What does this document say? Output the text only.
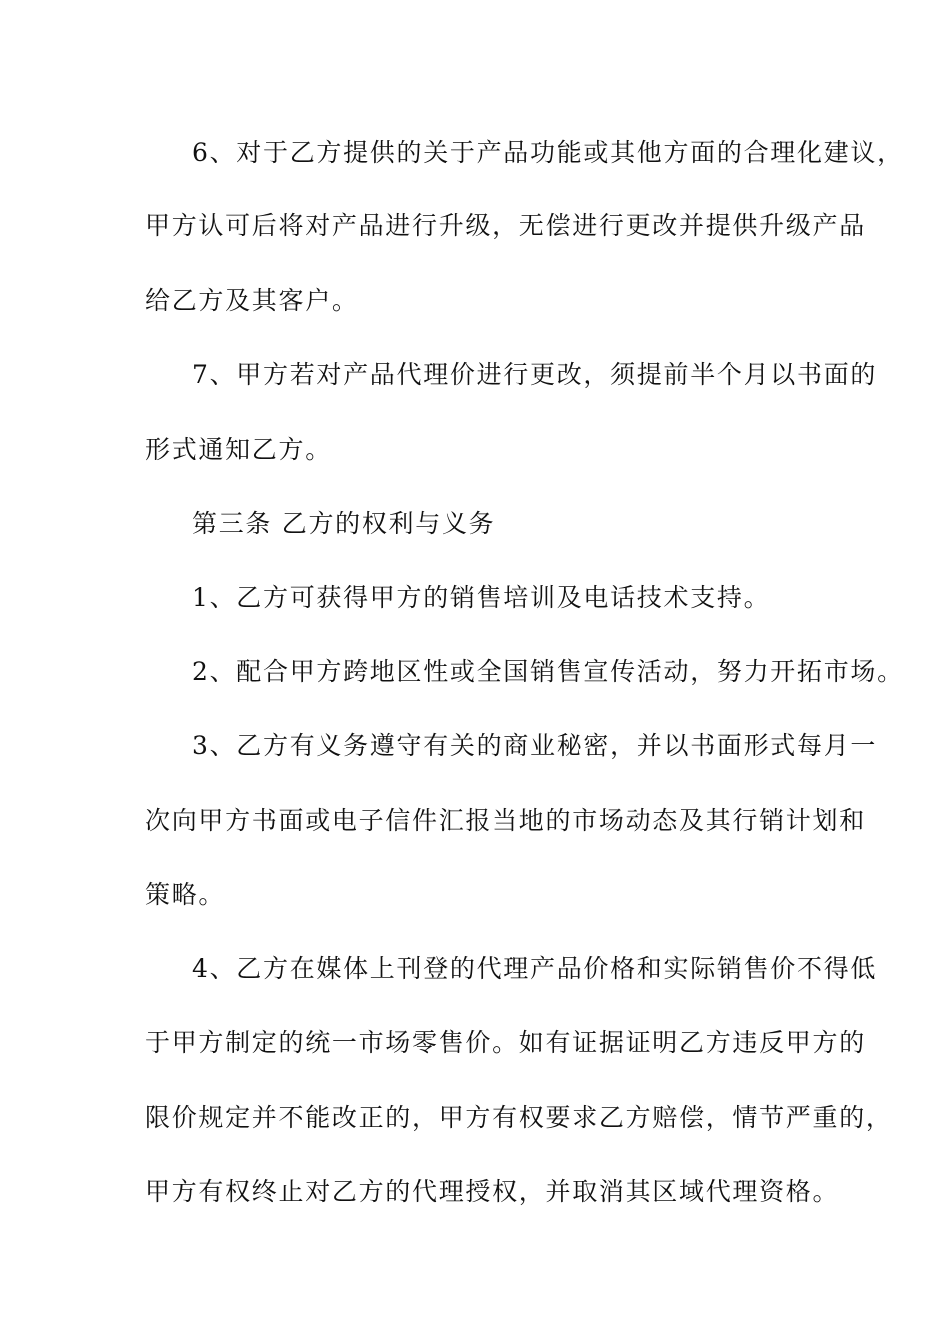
6、对于乙方提供的关于产品功能或其他方面的合理化建议，
甲方认可后将对产品进行升级，无偿进行更改并提供升级产品
给乙方及其客户。
7、甲方若对产品代理价进行更改，须提前半个月以书面的
形式通知乙方。
第三条 乙方的权利与义务
1、乙方可获得甲方的销售培训及电话技术支持。
2、配合甲方跨地区性或全国销售宣传活动，努力开拓市场。
3、乙方有义务遵守有关的商业秘密，并以书面形式每月一
次向甲方书面或电子信件汇报当地的市场动态及其行销计划和
策略。
4、乙方在媒体上刊登的代理产品价格和实际销售价不得低
于甲方制定的统一市场零售价。如有证据证明乙方违反甲方的
限价规定并不能改正的，甲方有权要求乙方赔偿，情节严重的，
甲方有权终止对乙方的代理授权，并取消其区域代理资格。
